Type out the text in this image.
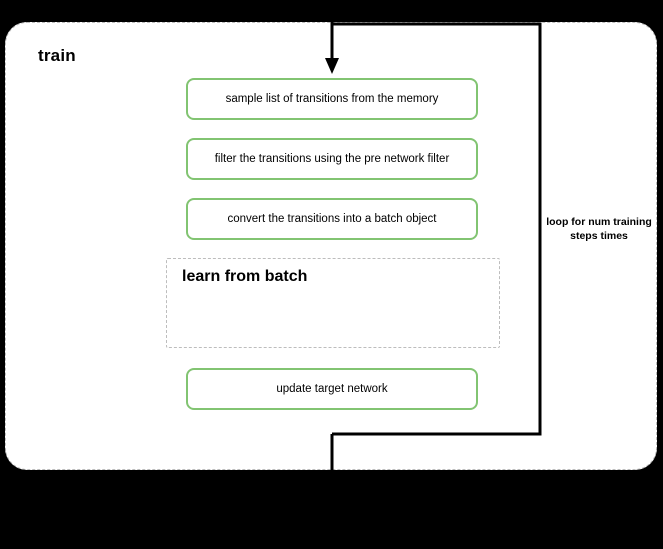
train
sample list of transitions from the memory
filter the transitions using the pre network filter
convert the transitions into a batch object
learn from batch
update target network
loop for num training steps times
